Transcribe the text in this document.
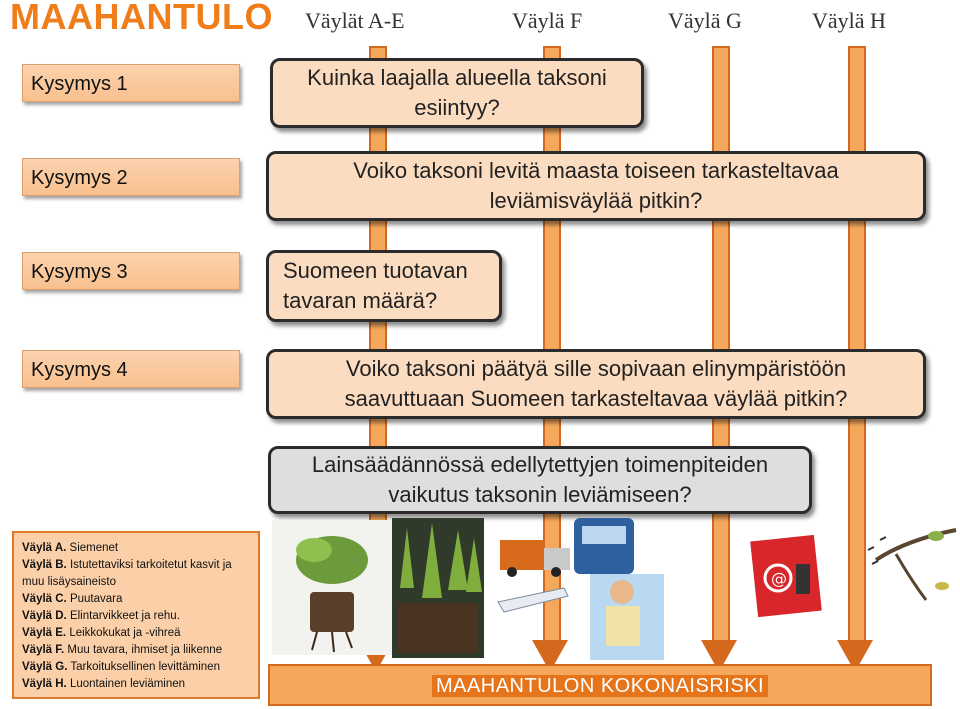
MAAHANTULO Väylät A-E	Väylä F	Väylä G	Väylä H
Kysymys 1
Kysymys 2
Kysymys 3
Kysymys 4
Kuinka laajalla alueella taksoni esiintyy?
Voiko taksoni levitä maasta toiseen tarkasteltavaa leviämisväylää pitkin?
Suomeen tuotavan tavaran määrä?
Voiko taksoni päätyä sille sopivaan elinympäristöön saavuttuaan Suomeen tarkasteltavaa väylää pitkin?
Lainsäädännössä edellytettyjen toimenpiteiden vaikutus taksonin leviämiseen?
Väylä A. Siemenet
Väylä B. Istutettaviksi tarkoitetut kasvit ja muu lisäysaineisto
Väylä C. Puutavara
Väylä D. Elintarvikkeet ja rehu.
Väylä E. Leikkokukat ja -vihreä
Väylä F. Muu tavara, ihmiset ja liikenne
Väylä G. Tarkoituksellinen levittäminen
Väylä H. Luontainen leviäminen
@
MAAHANTULON KOKONAISRISKI
